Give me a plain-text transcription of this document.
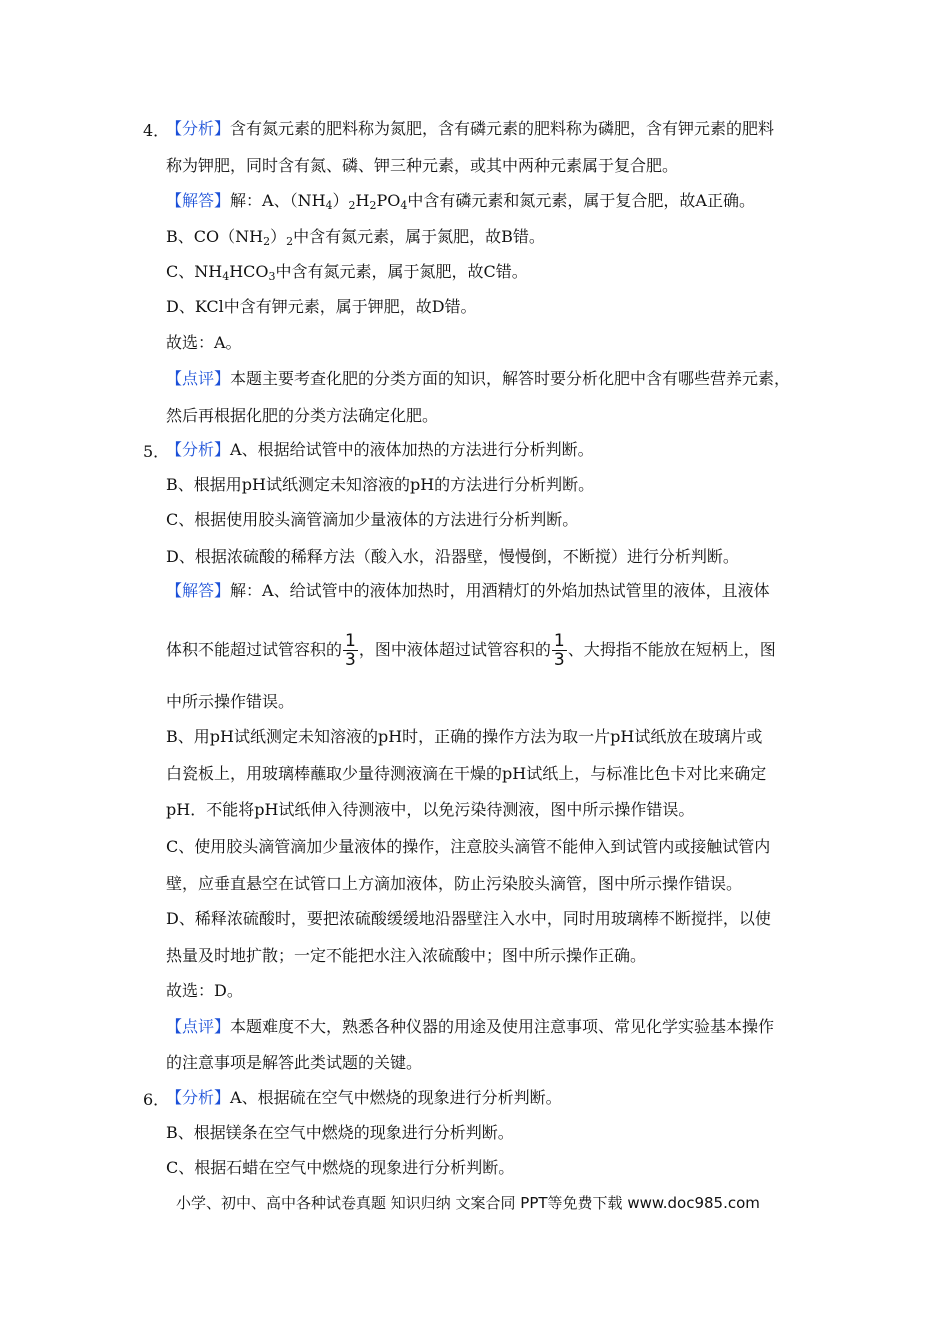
4．
【分析】含有氮元素的肥料称为氮肥，含有磷元素的肥料称为磷肥，含有钾元素的肥料
称为钾肥，同时含有氮、磷、钾三种元素，或其中两种元素属于复合肥。
【解答】解：A、$(NH_4)_2H_2PO_4$中含有磷元素和氮元素，属于复合肥，故A正确。
B、$CO(NH_2)_2$中含有氮元素，属于氮肥，故B错。
C、$NH_4HCO_3$中含有氮元素，属于氮肥，故C错。
D、KCl中含有钾元素，属于钾肥，故D错。
故选：A。
【点评】本题主要考查化肥的分类方面的知识，解答时要分析化肥中含有哪些营养元素，
然后再根据化肥的分类方法确定化肥。
5．
【分析】A、根据给试管中的液体加热的方法进行分析判断。
B、根据用pH试纸测定未知溶液的pH的方法进行分析判断。
C、根据使用胶头滴管滴加少量液体的方法进行分析判断。
D、根据浓硫酸的稀释方法（酸入水，沿器壁，慢慢倒，不断搅）进行分析判断。
【解答】解：A、给试管中的液体加热时，用酒精灯的外焰加热试管里的液体，且液体
体积不能超过试管容积的 $\frac{1}{3}$ ，图中液体超过试管容积的 $\frac{1}{3}$ 、大拇指不能放在短柄上，图
中所示操作错误。
B、用pH试纸测定未知溶液的pH时，正确的操作方法为取一片pH试纸放在玻璃片或
白瓷板上，用玻璃棒蘸取少量待测液滴在干燥的pH试纸上，与标准比色卡对比来确定
pH．不能将pH试纸伸入待测液中，以免污染待测液，图中所示操作错误。
C、使用胶头滴管滴加少量液体的操作，注意胶头滴管不能伸入到试管内或接触试管内
壁，应垂直悬空在试管口上方滴加液体，防止污染胶头滴管，图中所示操作错误。
D、稀释浓硫酸时，要把浓硫酸缓缓地沿器壁注入水中，同时用玻璃棒不断搅拌，以使
热量及时地扩散；一定不能把水注入浓硫酸中；图中所示操作正确。
故选：D。
【点评】本题难度不大，熟悉各种仪器的用途及使用注意事项、常见化学实验基本操作
的注意事项是解答此类试题的关键。
6．
【分析】A、根据硫在空气中燃烧的现象进行分析判断。
B、根据镁条在空气中燃烧的现象进行分析判断。
C、根据石蜡在空气中燃烧的现象进行分析判断。
小学、初中、高中各种试卷真题 知识归纳 文案合同 PPT等免费下载 www.doc985.com
